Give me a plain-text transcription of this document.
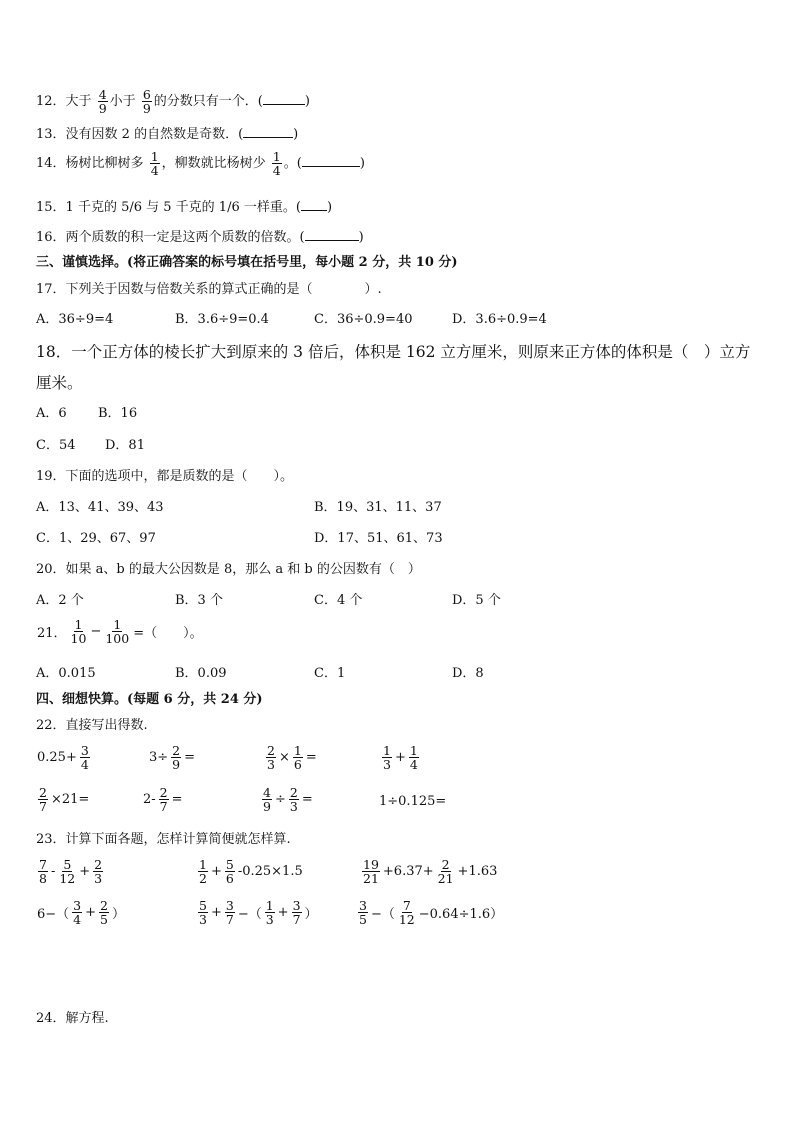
12．大于 $\frac{4}{9}$ 小于 $\frac{6}{9}$ 的分数只有一个．(	)
13．没有因数 2 的自然数是奇数．(	)
14．杨树比柳树多 $\frac{1}{4}$ ，柳数就比杨树少 $\frac{1}{4}$ 。(	)
15．1 千克的 5/6 与 5 千克的 1/6 一样重。( )
16．两个质数的积一定是这两个质数的倍数。(	)
三、谨慎选择。(将正确答案的标号填在括号里，每小题 2 分，共 10 分)
17．下列关于因数与倍数关系的算式正确的是（　　　　）.
A．36÷9=4	B．3.6÷9=0.4	C．36÷0.9=40	D．3.6÷0.9=4
18．一个正方体的棱长扩大到原来的 3 倍后，体积是 162 立方厘米，则原来正方体的体积是（　）立方
厘米。
A．6 B．16
C．54 D．81
19．下面的选项中，都是质数的是（　　）。
A．13、41、39、43	B．19、31、11、37
C．1、29、67、97	D．17、51、61、73
20．如果 a、b 的最大公因数是 8，那么 a 和 b 的公因数有（　）
A．2 个	B．3 个	C．4 个	D．5 个
21． $\frac{1}{10} - \frac{1}{100}$ =（　　）。
A．0.015	B．0.09	C．1	D．8
四、细想快算。(每题 6 分，共 24 分)
22．直接写出得数.
$0.25+ \frac{3}{4}$	$3\div \frac{2}{9}$ =	$\frac{2}{3} \times \frac{1}{6}$ =	$\frac{1}{3} + \frac{1}{4}$
$\frac{2}{7} \times 21=$	$2- \frac{2}{7}$ =	$\frac{4}{9} \div \frac{2}{3}$ =	1÷0.125=
23．计算下面各题，怎样计算简便就怎样算.
$\frac{7}{8} - \frac{5}{12} + \frac{2}{3}$	$\frac{1}{2} + \frac{5}{6} -0.25\times 1.5$	$\frac{19}{21} +6.37+ \frac{2}{21} +1.63$
$6-( \frac{3}{4} + \frac{2}{5}$ ）	$\frac{5}{3} + \frac{3}{7}$ −（ $\frac{1}{3} + \frac{3}{7}$ ）	$\frac{3}{5}$ −（ $\frac{7}{12} -0.64\div 1.6$）
24．解方程.
